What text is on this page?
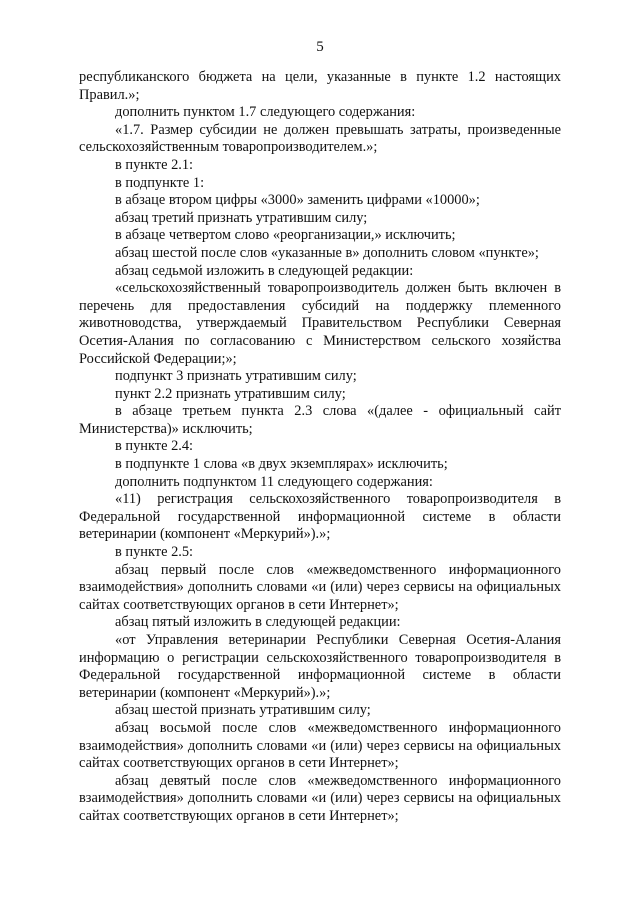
5

республиканского бюджета на цели, указанные в пункте 1.2 настоящих Правил.»;

дополнить пунктом 1.7 следующего содержания:

«1.7. Размер субсидии не должен превышать затраты, произведенные сельскохозяйственным товаропроизводителем.»;

в пункте 2.1:

в подпункте 1:

в абзаце втором цифры «3000» заменить цифрами «10000»;

абзац третий признать утратившим силу;

в абзаце четвертом слово «реорганизации,» исключить;

абзац шестой после слов «указанные в» дополнить словом «пункте»;

абзац седьмой изложить в следующей редакции:

«сельскохозяйственный товаропроизводитель должен быть включен в перечень для предоставления субсидий на поддержку племенного животноводства, утверждаемый Правительством Республики Северная Осетия-Алания по согласованию с Министерством сельского хозяйства Российской Федерации;»;

подпункт 3 признать утратившим силу;

пункт 2.2 признать утратившим силу;

в абзаце третьем пункта 2.3 слова «(далее - официальный сайт Министерства)» исключить;

в пункте 2.4:

в подпункте 1 слова «в двух экземплярах» исключить;

дополнить подпунктом 11 следующего содержания:

«11) регистрация сельскохозяйственного товаропроизводителя в Федеральной государственной информационной системе в области ветеринарии (компонент «Меркурий»).»;

в пункте 2.5:

абзац первый после слов «межведомственного информационного взаимодействия» дополнить словами «и (или) через сервисы на официальных сайтах соответствующих органов в сети Интернет»;

абзац пятый изложить в следующей редакции:

«от Управления ветеринарии Республики Северная Осетия-Алания информацию о регистрации сельскохозяйственного товаропроизводителя в Федеральной государственной информационной системе в области ветеринарии (компонент «Меркурий»).»;

абзац шестой признать утратившим силу;

абзац восьмой после слов «межведомственного информационного взаимодействия» дополнить словами «и (или) через сервисы на официальных сайтах соответствующих органов в сети Интернет»;

абзац девятый после слов «межведомственного информационного взаимодействия» дополнить словами «и (или) через сервисы на официальных сайтах соответствующих органов в сети Интернет»;
